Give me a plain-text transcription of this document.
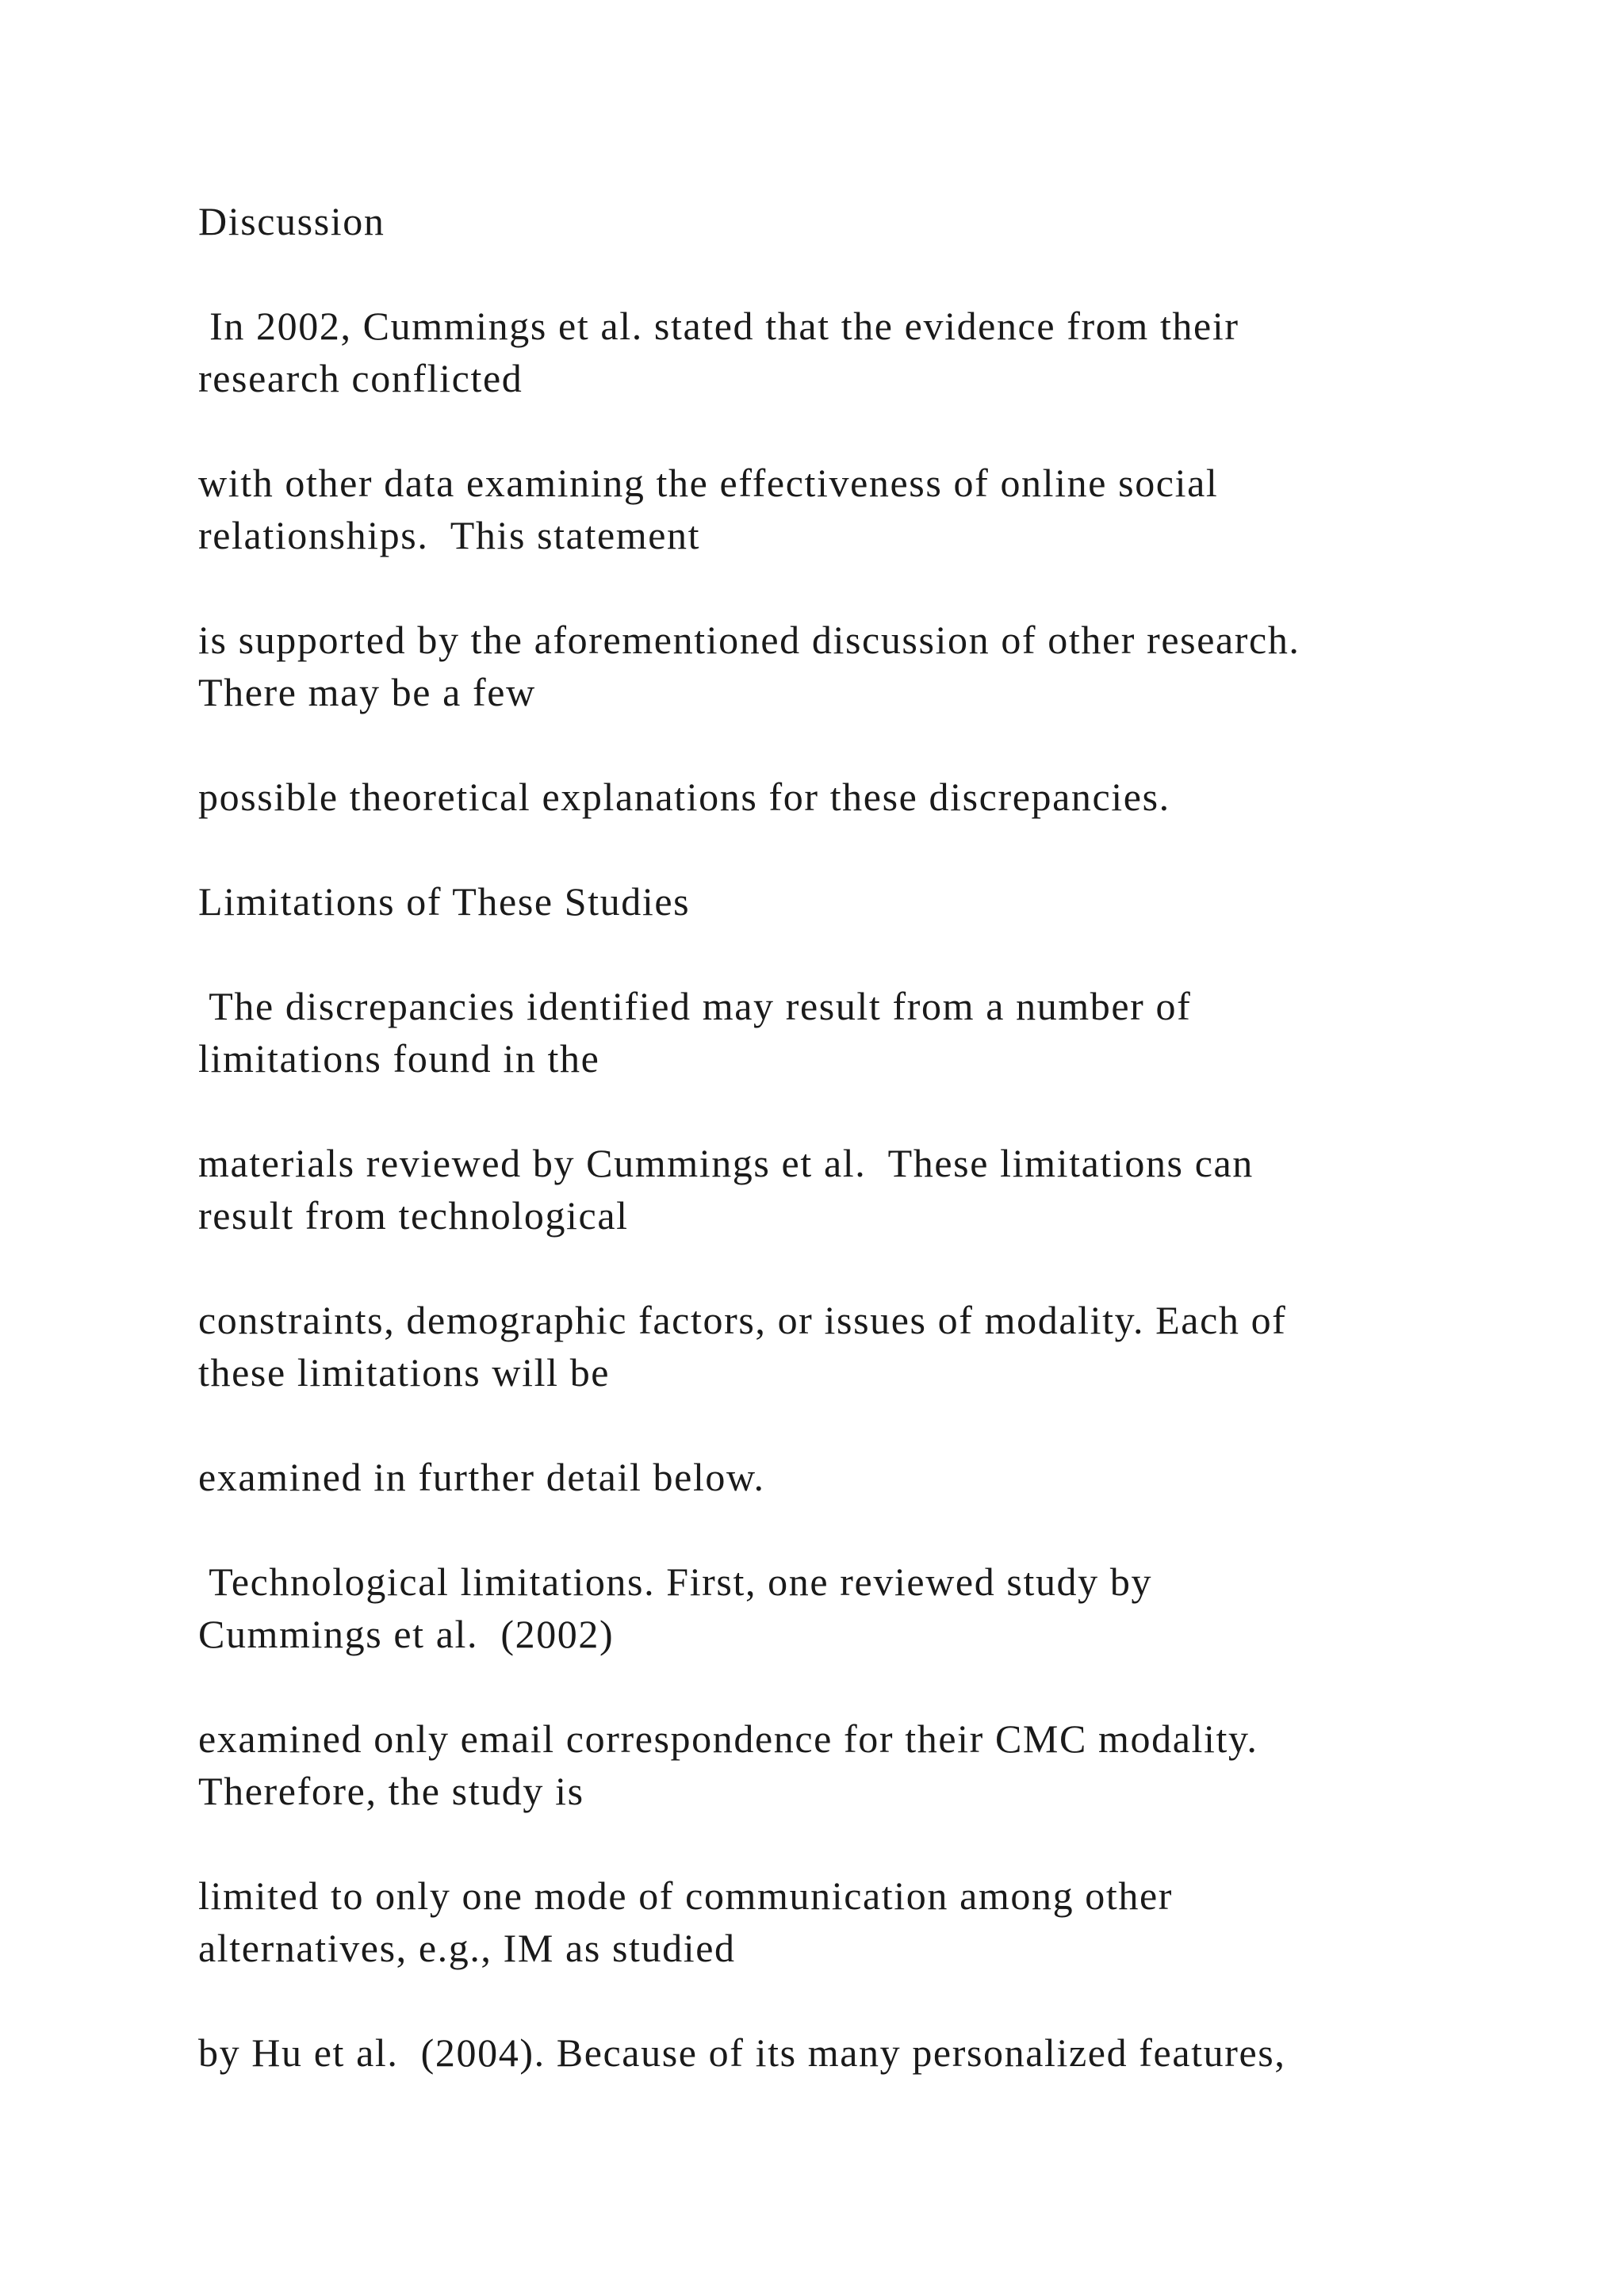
Discussion

In 2002, Cummings et al. stated that the evidence from their

research conflicted

with other data examining the effectiveness of online social

relationships.  This statement

is supported by the aforementioned discussion of other research.

There may be a few

possible theoretical explanations for these discrepancies.

Limitations of These Studies

The discrepancies identified may result from a number of

limitations found in the

materials reviewed by Cummings et al.  These limitations can

result from technological

constraints, demographic factors, or issues of modality. Each of

these limitations will be

examined in further detail below.

Technological limitations. First, one reviewed study by

Cummings et al.  (2002)

examined only email correspondence for their CMC modality.

Therefore, the study is

limited to only one mode of communication among other

alternatives, e.g., IM as studied

by Hu et al.  (2004). Because of its many personalized features,
